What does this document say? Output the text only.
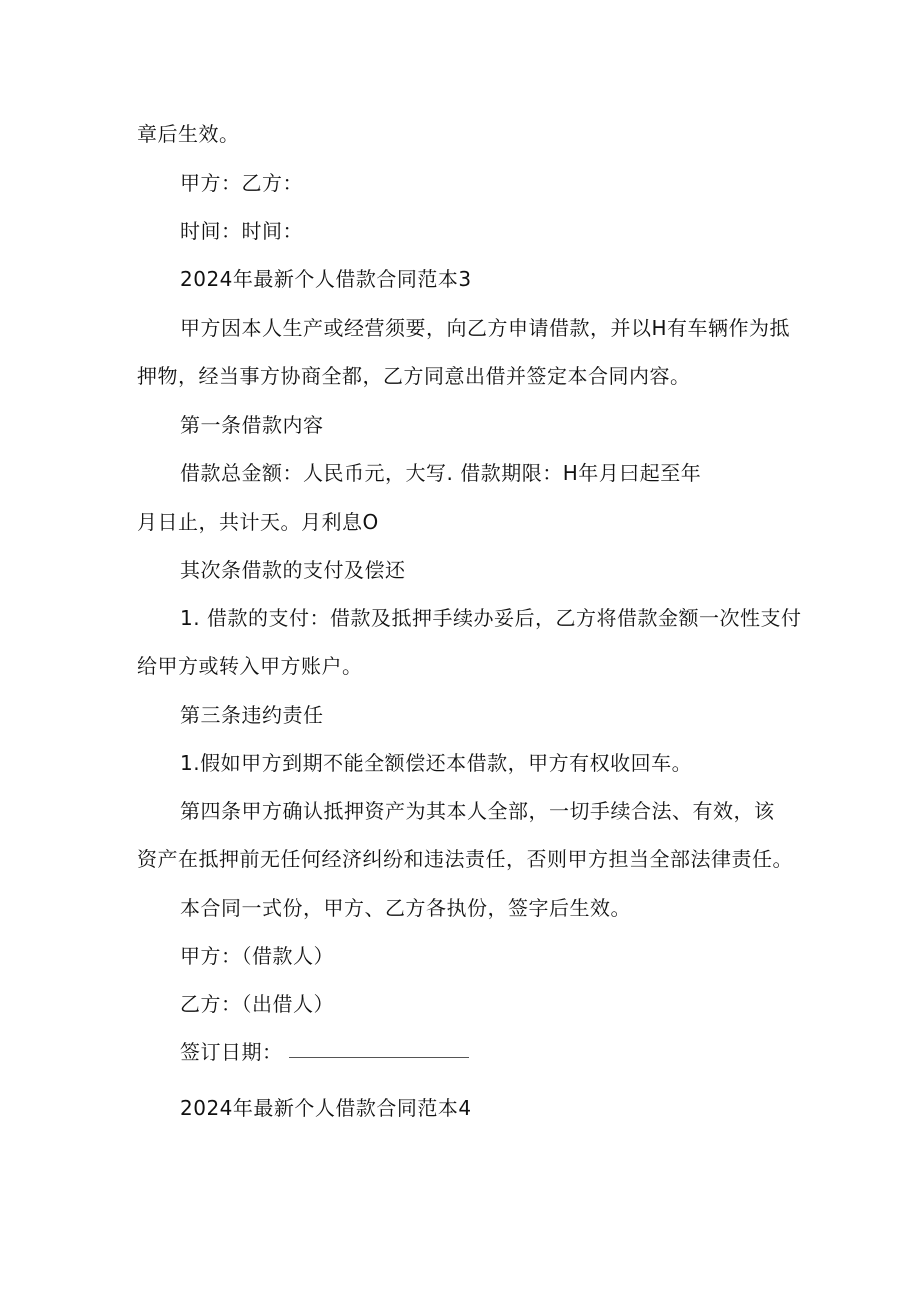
章后生效。
甲方：乙方：
时间：时间：
2024年最新个人借款合同范本3
甲方因本人生产或经营须要，向乙方申请借款，并以H有车辆作为抵
押物，经当事方协商全都，乙方同意出借并签定本合同内容。
第一条借款内容
借款总金额：人民币元，大写. 借款期限：H年月曰起至年
月日止，共计天。月利息O
其次条借款的支付及偿还
1. 借款的支付：借款及抵押手续办妥后，乙方将借款金额一次性支付
给甲方或转入甲方账户。
第三条违约责任
1.假如甲方到期不能全额偿还本借款，甲方有权收回车。
第四条甲方确认抵押资产为其本人全部，一切手续合法、有效，该
资产在抵押前无任何经济纠纷和违法责任，否则甲方担当全部法律责任。
本合同一式份，甲方、乙方各执份，签字后生效。
甲方：（借款人）
乙方：（出借人）
签订日期：
2024年最新个人借款合同范本4
